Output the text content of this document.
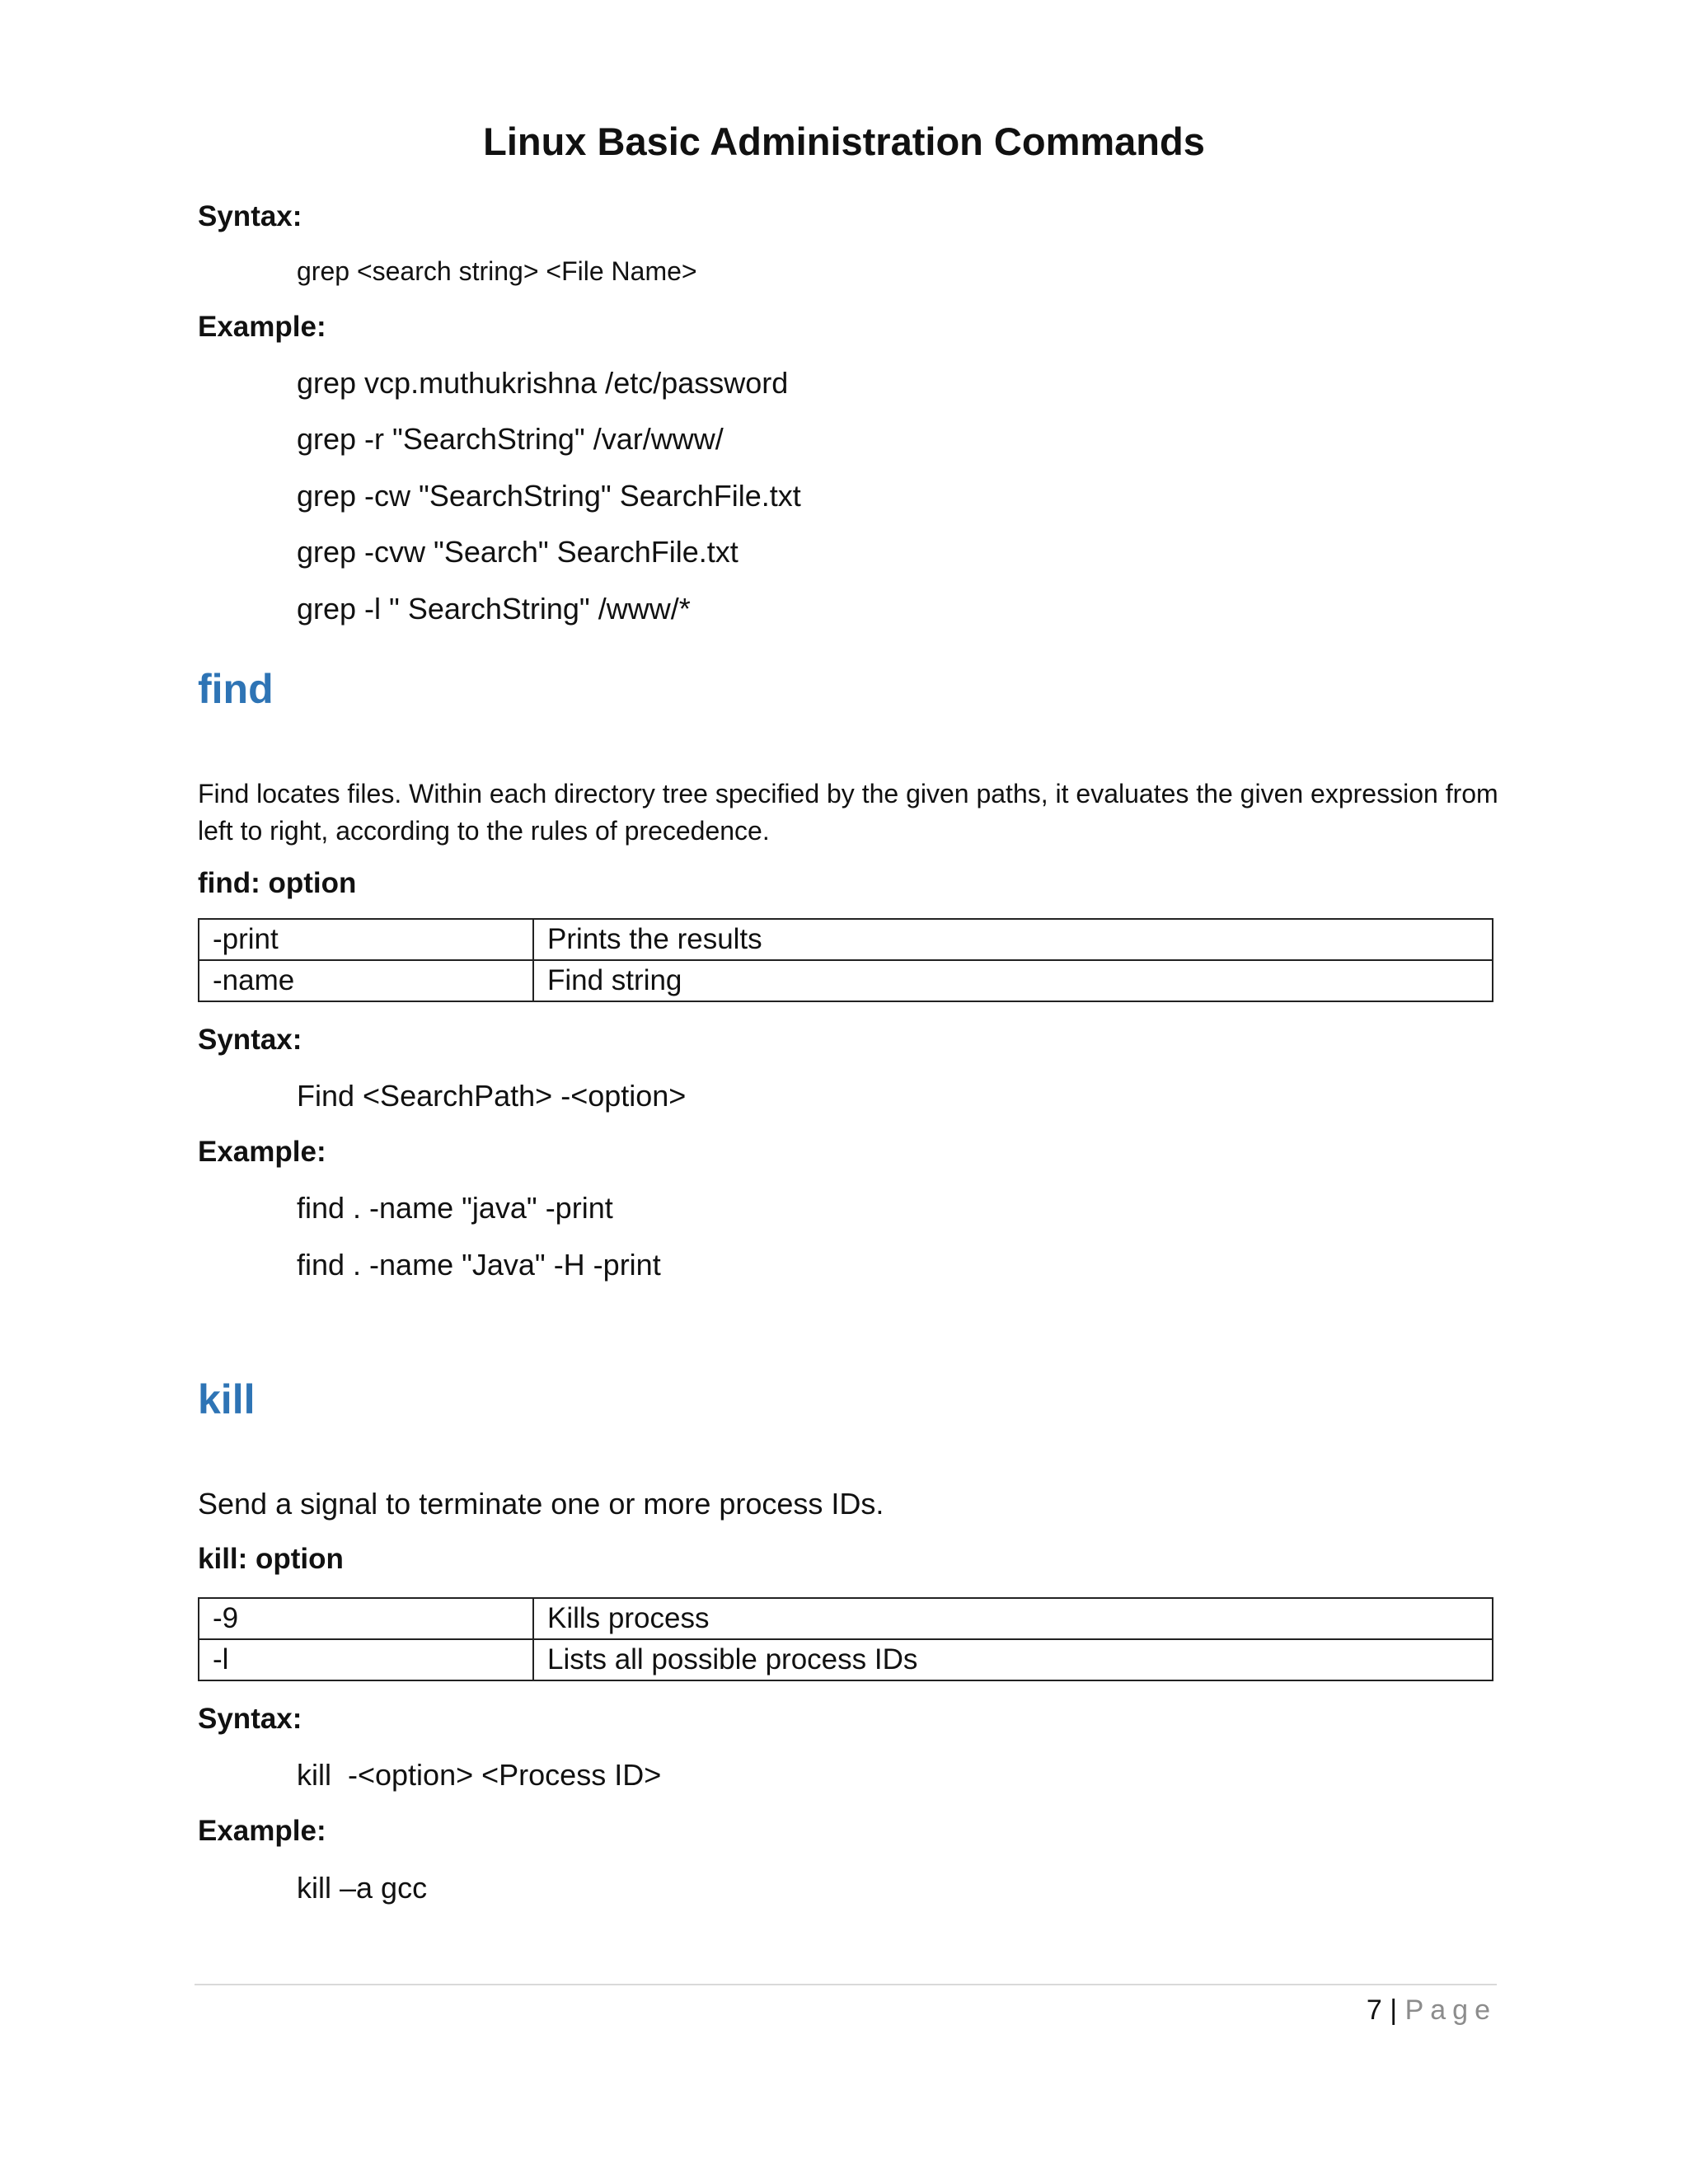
Linux Basic Administration Commands
Syntax:
grep <search string> <File Name>
Example:
grep vcp.muthukrishna /etc/password
grep -r "SearchString" /var/www/
grep -cw "SearchString" SearchFile.txt
grep -cvw "Search" SearchFile.txt
grep -l " SearchString" /www/*
find
Find locates files. Within each directory tree specified by the given paths, it evaluates the given expression from left to right, according to the rules of precedence.
find: option
-print	Prints the results
-name	Find string
Syntax:
Find <SearchPath> -<option>
Example:
find . -name "java" -print
find . -name "Java" -H -print
kill
Send a signal to terminate one or more process IDs.
kill: option
-9	Kills process
-l	Lists all possible process IDs
Syntax:
kill  -<option> <Process ID>
Example:
kill –a gcc
7 | Page
